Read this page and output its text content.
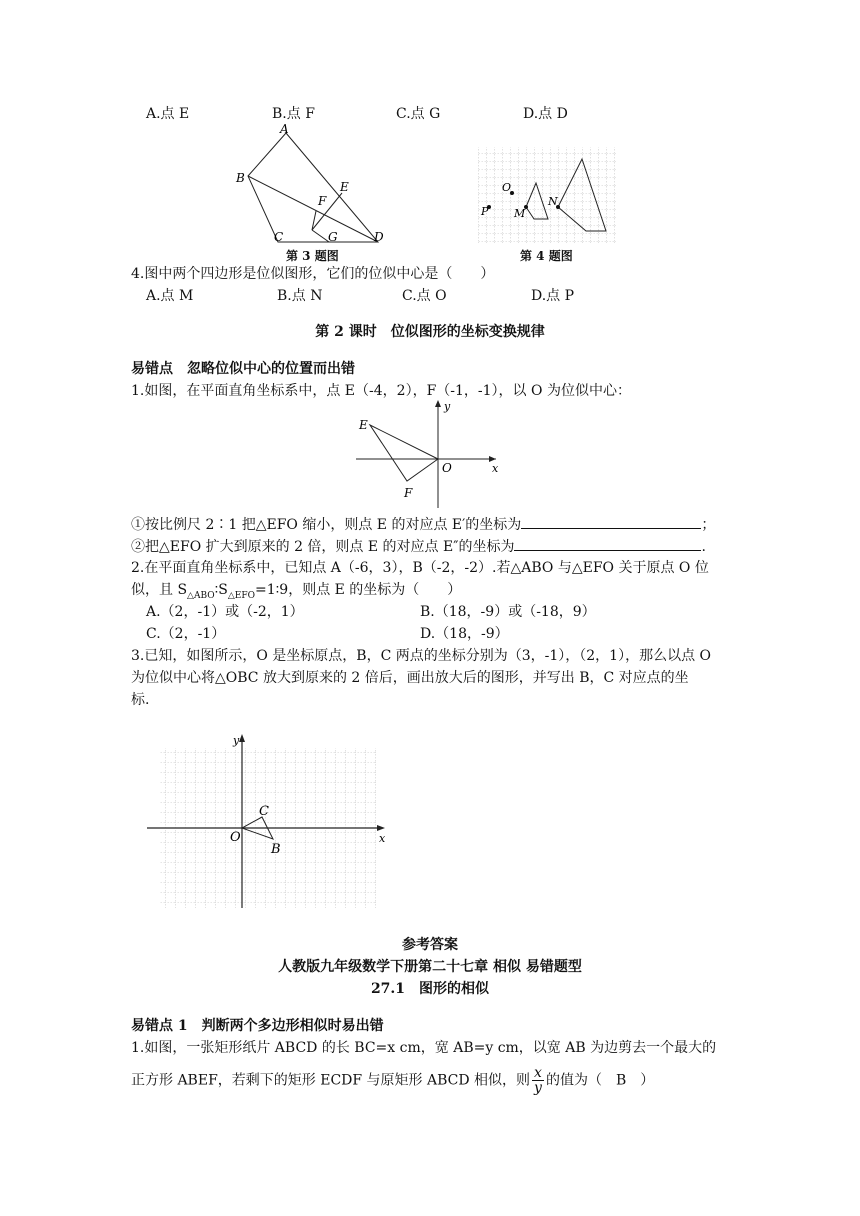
A.点 E	B.点 F	C.点 G	D.点 D
A
B
C	D
E
F
G
第 3 题图
O
P M
N
第 4 题图
4.图中两个四边形是位似图形，它们的位似中心是（　　）
A.点 M	B.点 N	C.点 O	D.点 P
第 2 课时　位似图形的坐标变换规律
易错点　忽略位似中心的位置而出错
1.如图，在平面直角坐标系中，点 E（-4，2），F（-1，-1），以 O 为位似中心：
E
F
O	x
y
①按比例尺 2∶1 把△EFO 缩小，则点 E 的对应点 E′的坐标为	；
②把△EFO 扩大到原来的 2 倍，则点 E 的对应点 E″的坐标为	.
2.在平面直角坐标系中，已知点 A（-6，3），B（-2，-2）.若△ABO 与△EFO 关于原点 O 位
似，且 $S_{\triangle ABO}∶S_{\triangle EFO}=1∶9$，则点 E 的坐标为（　　）
A.（2，-1）或（-2，1）	B.（18，-9）或（-18，9）
C.（2，-1）	D.（18，-9）
3.已知，如图所示，O 是坐标原点，B，C 两点的坐标分别为（3，-1），（2，1），那么以点 O
为位似中心将△OBC 放大到原来的 2 倍后，画出放大后的图形，并写出 B，C 对应点的坐
标.
O
B
C
x
y
参考答案
人教版九年级数学下册第二十七章 相似 易错题型
27.1　图形的相似
易错点 1　判断两个多边形相似时易出错
1.如图，一张矩形纸片 ABCD 的长 BC=x cm，宽 AB=y cm，以宽 AB 为边剪去一个最大的
正方形 ABEF，若剩下的矩形 ECDF 与原矩形 ABCD 相似，则 $\frac{x}{y}$ 的值为（　B　）
